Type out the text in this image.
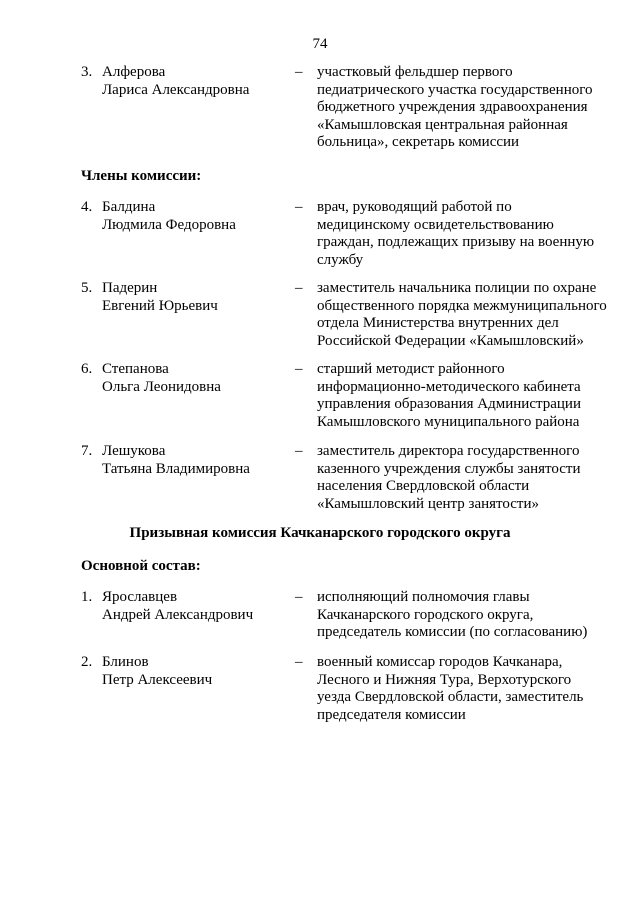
74
3. Алферова
Лариса Александровна
– участковый фельдшер первого
педиатрического участка государственного
бюджетного учреждения здравоохранения
«Камышловская центральная районная
больница», секретарь комиссии
Члены комиссии:
4. Балдина
Людмила Федоровна
– врач, руководящий работой по
медицинскому освидетельствованию
граждан, подлежащих призыву на военную
службу
5. Падерин
Евгений Юрьевич
– заместитель начальника полиции по охране
общественного порядка межмуниципального
отдела Министерства внутренних дел
Российской Федерации «Камышловский»
6. Степанова
Ольга Леонидовна
– старший методист районного
информационно-методического кабинета
управления образования Администрации
Камышловского муниципального района
7. Лешукова
Татьяна Владимировна
– заместитель директора государственного
казенного учреждения службы занятости
населения Свердловской области
«Камышловский центр занятости»
Призывная комиссия Качканарского городского округа
Основной состав:
1. Ярославцев
Андрей Александрович
– исполняющий полномочия главы
Качканарского городского округа,
председатель комиссии (по согласованию)
2. Блинов
Петр Алексеевич
– военный комиссар городов Качканара,
Лесного и Нижняя Тура, Верхотурского
уезда Свердловской области, заместитель
председателя комиссии
